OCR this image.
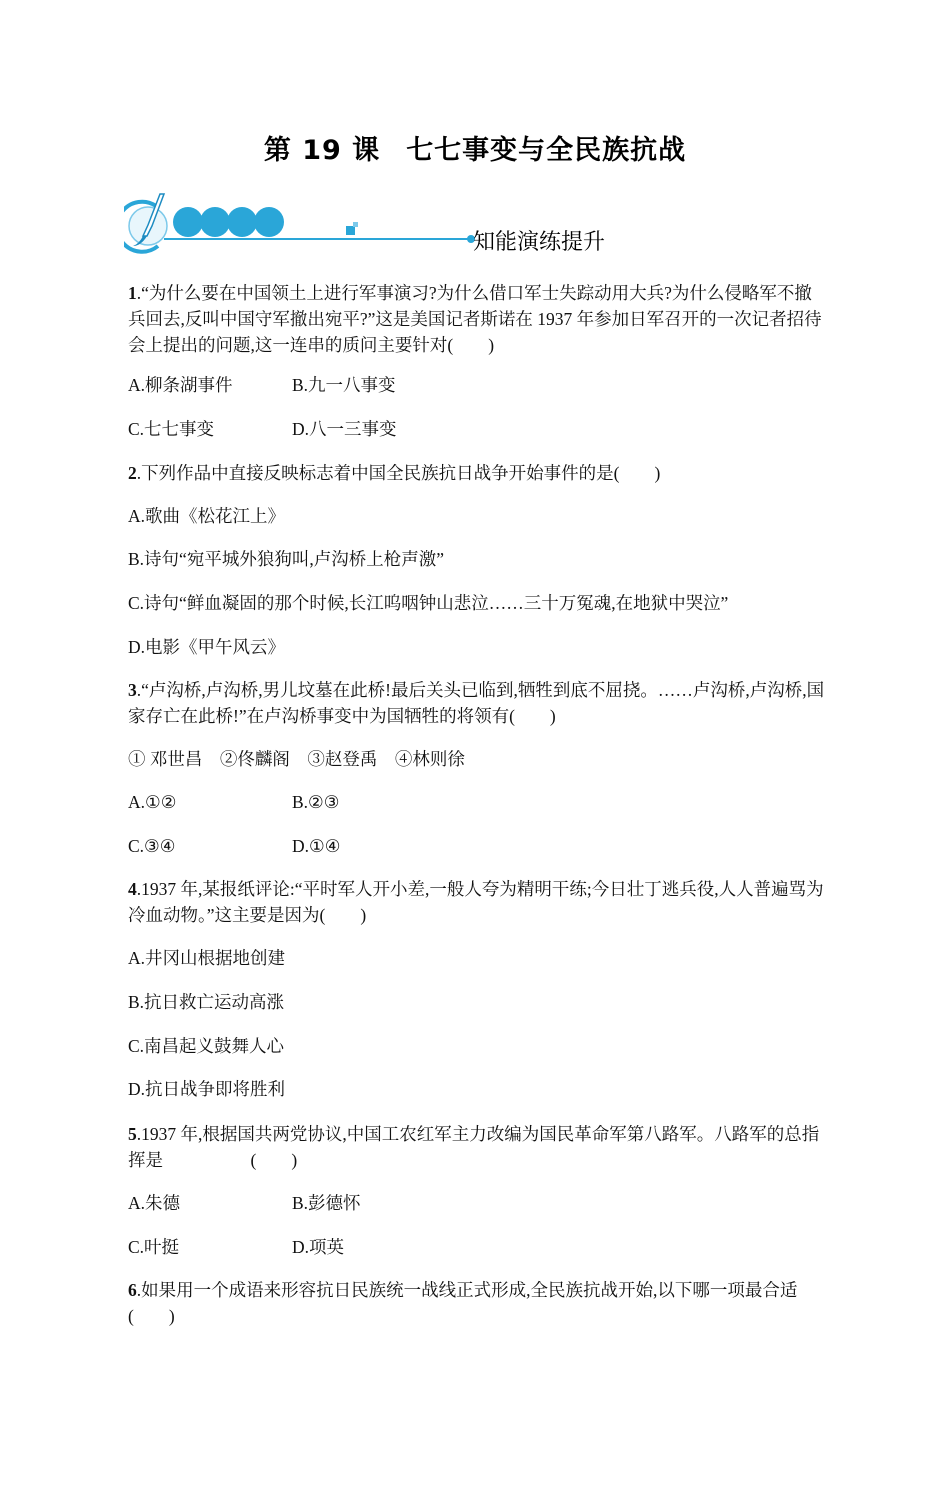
第 19 课 七七事变与全民族抗战
知能演练提升
1.“为什么要在中国领土上进行军事演习?为什么借口军士失踪动用大兵?为什么侵略军不撤兵回去,反叫中国守军撤出宛平?”这是美国记者斯诺在 1937 年参加日军召开的一次记者招待会上提出的问题,这一连串的质问主要针对(　　)
A.柳条湖事件	B.九一八事变
C.七七事变	D.八一三事变
2.下列作品中直接反映标志着中国全民族抗日战争开始事件的是(　　)
A.歌曲《松花江上》
B.诗句“宛平城外狼狗叫,卢沟桥上枪声激”
C.诗句“鲜血凝固的那个时候,长江呜咽钟山悲泣……三十万冤魂,在地狱中哭泣”
D.电影《甲午风云》
3.“卢沟桥,卢沟桥,男儿坟墓在此桥!最后关头已临到,牺牲到底不屈挠。……卢沟桥,卢沟桥,国家存亡在此桥!”在卢沟桥事变中为国牺牲的将领有(　　)
① 邓世昌　②佟麟阁　③赵登禹　④林则徐
A.①②	B.②③
C.③④	D.①④
4.1937 年,某报纸评论:“平时军人开小差,一般人夸为精明干练;今日壮丁逃兵役,人人普遍骂为冷血动物。”这主要是因为(　　)
A.井冈山根据地创建
B.抗日救亡运动高涨
C.南昌起义鼓舞人心
D.抗日战争即将胜利
5.1937 年,根据国共两党协议,中国工农红军主力改编为国民革命军第八路军。八路军的总指挥是　　　　　(　　)
A.朱德	B.彭德怀
C.叶挺	D.项英
6.如果用一个成语来形容抗日民族统一战线正式形成,全民族抗战开始,以下哪一项最合适(　　)
